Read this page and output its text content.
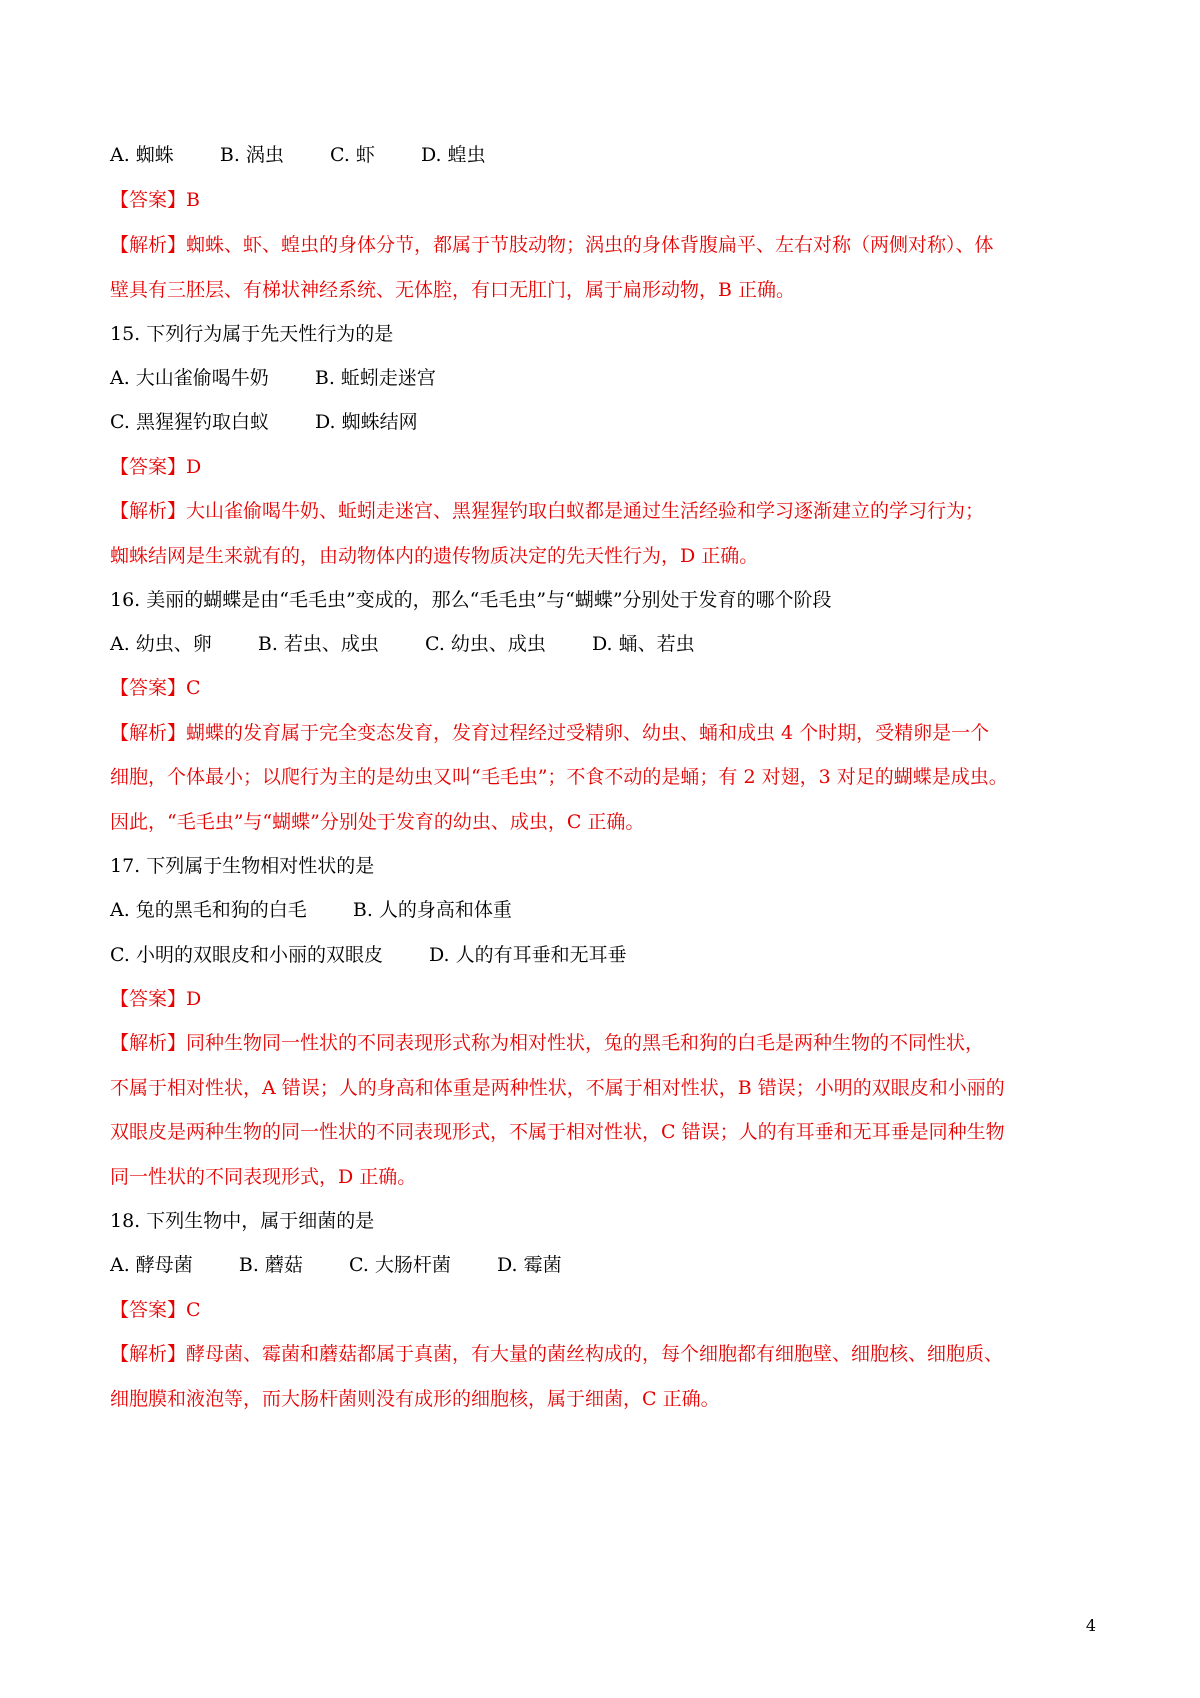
A. 蜘蛛 B. 涡虫 C. 虾 D. 蝗虫
【答案】B
【解析】蜘蛛、虾、蝗虫的身体分节，都属于节肢动物；涡虫的身体背腹扁平、左右对称（两侧对称）、体
壁具有三胚层、有梯状神经系统、无体腔，有口无肛门，属于扁形动物，B 正确。
15. 下列行为属于先天性行为的是
A. 大山雀偷喝牛奶 B. 蚯蚓走迷宫
C. 黑猩猩钓取白蚁 D. 蜘蛛结网
【答案】D
【解析】大山雀偷喝牛奶、蚯蚓走迷宫、黑猩猩钓取白蚁都是通过生活经验和学习逐渐建立的学习行为；
蜘蛛结网是生来就有的，由动物体内的遗传物质决定的先天性行为，D 正确。
16. 美丽的蝴蝶是由“毛毛虫”变成的，那么“毛毛虫”与“蝴蝶”分别处于发育的哪个阶段
A. 幼虫、卵 B. 若虫、成虫 C. 幼虫、成虫 D. 蛹、若虫
【答案】C
【解析】蝴蝶的发育属于完全变态发育，发育过程经过受精卵、幼虫、蛹和成虫 4 个时期，受精卵是一个
细胞，个体最小；以爬行为主的是幼虫又叫“毛毛虫”；不食不动的是蛹；有 2 对翅，3 对足的蝴蝶是成虫。
因此，“毛毛虫”与“蝴蝶”分别处于发育的幼虫、成虫，C 正确。
17. 下列属于生物相对性状的是
A. 兔的黑毛和狗的白毛 B. 人的身高和体重
C. 小明的双眼皮和小丽的双眼皮 D. 人的有耳垂和无耳垂
【答案】D
【解析】同种生物同一性状的不同表现形式称为相对性状，兔的黑毛和狗的白毛是两种生物的不同性状，
不属于相对性状，A 错误；人的身高和体重是两种性状，不属于相对性状，B 错误；小明的双眼皮和小丽的
双眼皮是两种生物的同一性状的不同表现形式，不属于相对性状，C 错误；人的有耳垂和无耳垂是同种生物
同一性状的不同表现形式，D 正确。
18. 下列生物中，属于细菌的是
A. 酵母菌 B. 蘑菇 C. 大肠杆菌 D. 霉菌
【答案】C
【解析】酵母菌、霉菌和蘑菇都属于真菌，有大量的菌丝构成的，每个细胞都有细胞壁、细胞核、细胞质、
细胞膜和液泡等，而大肠杆菌则没有成形的细胞核，属于细菌，C 正确。
4
